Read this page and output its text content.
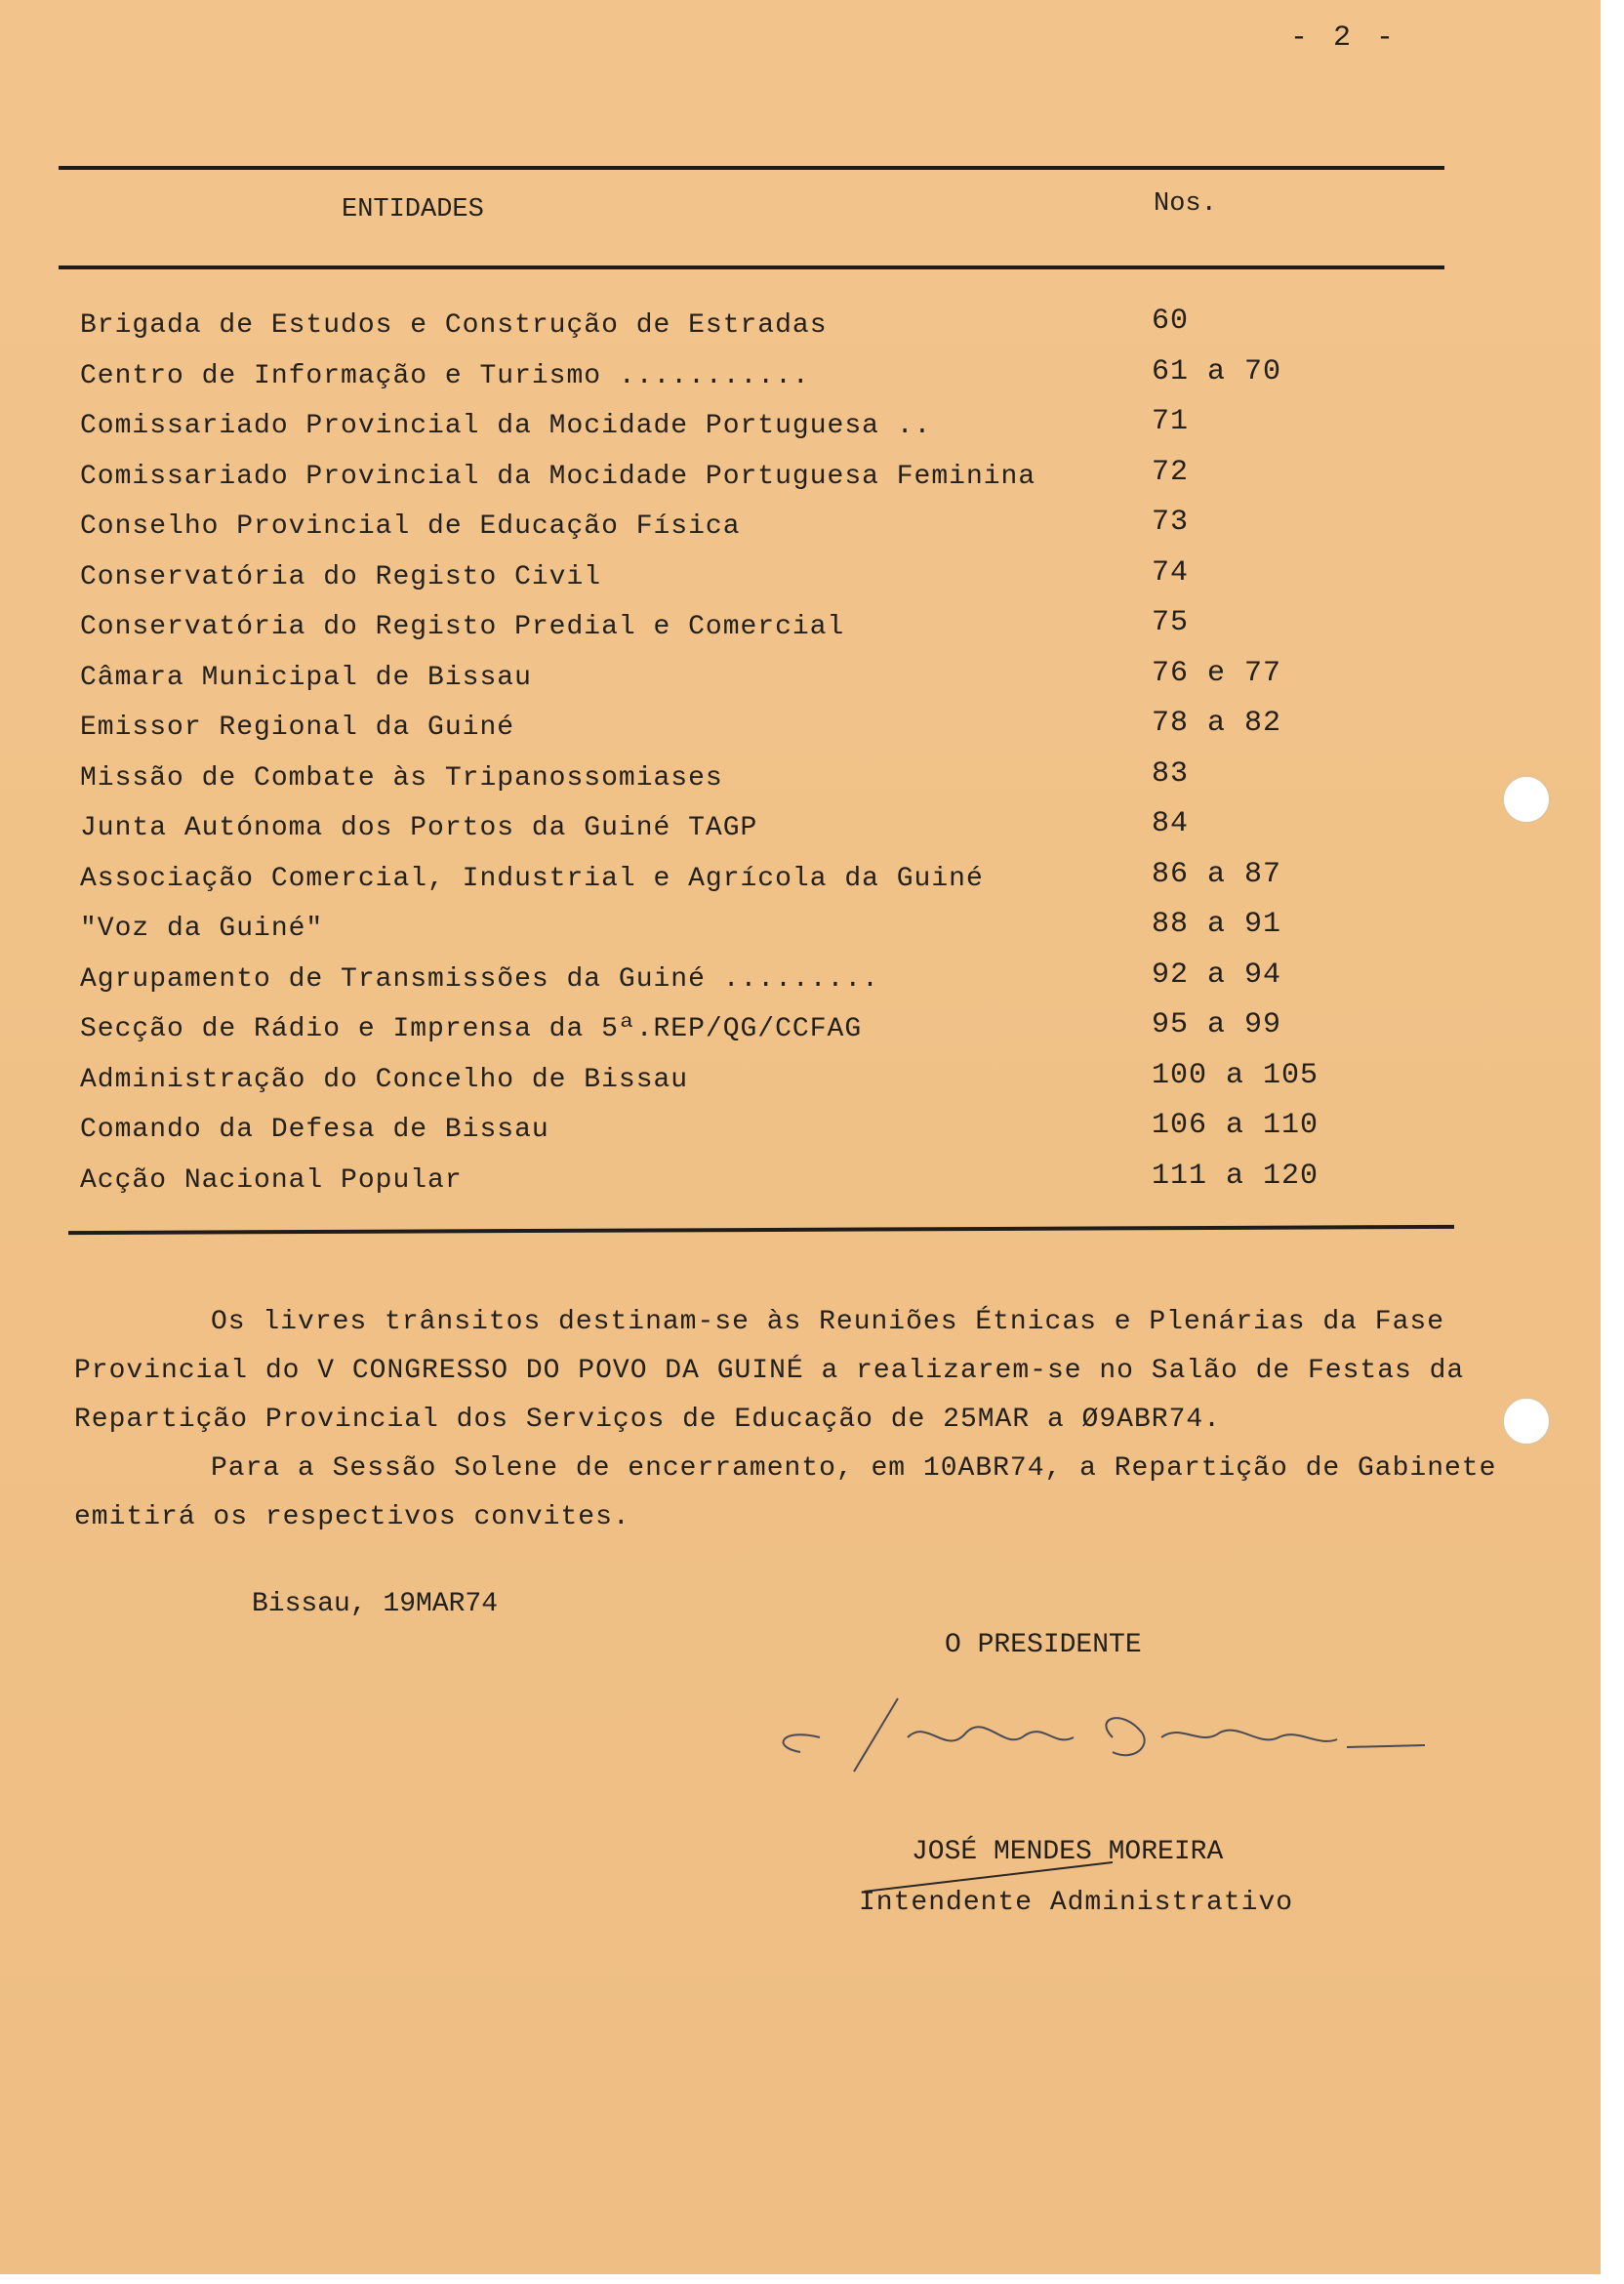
- 2 -
ENTIDADES	Nos.
Brigada de Estudos e Construção de Estradas	60
Centro de Informação e Turismo ...........	61 a 70
Comissariado Provincial da Mocidade Portuguesa ..	71
Comissariado Provincial da Mocidade Portuguesa Feminina	72
Conselho Provincial de Educação Física	73
Conservatória do Registo Civil	74
Conservatória do Registo Predial e Comercial	75
Câmara Municipal de Bissau	76 e 77
Emissor Regional da Guiné	78 a 82
Missão de Combate às Tripanossomiases	83
Junta Autónoma dos Portos da Guiné TAGP	84
Associação Comercial, Industrial e Agrícola da Guiné	86 a 87
"Voz da Guiné"	88 a 91
Agrupamento de Transmissões da Guiné .........	92 a 94
Secção de Rádio e Imprensa da 5ª.REP/QG/CCFAG	95 a 99
Administração do Concelho de Bissau	100 a 105
Comando da Defesa de Bissau	106 a 110
Acção Nacional Popular	111 a 120

Os livres trânsitos destinam-se às Reuniões Étnicas e Plenárias da Fase Provincial do V CONGRESSO DO POVO DA GUINÉ a realizarem-se no Salão de Festas da Repartição Provincial dos Serviços de Educação de 25MAR a Ø9ABR74.

Para a Sessão Solene de encerramento, em 10ABR74, a Repartição de Gabinete emitirá os respectivos convites.

Bissau, 19MAR74
O PRESIDENTE
JOSÉ MENDES MOREIRA
Intendente Administrativo
